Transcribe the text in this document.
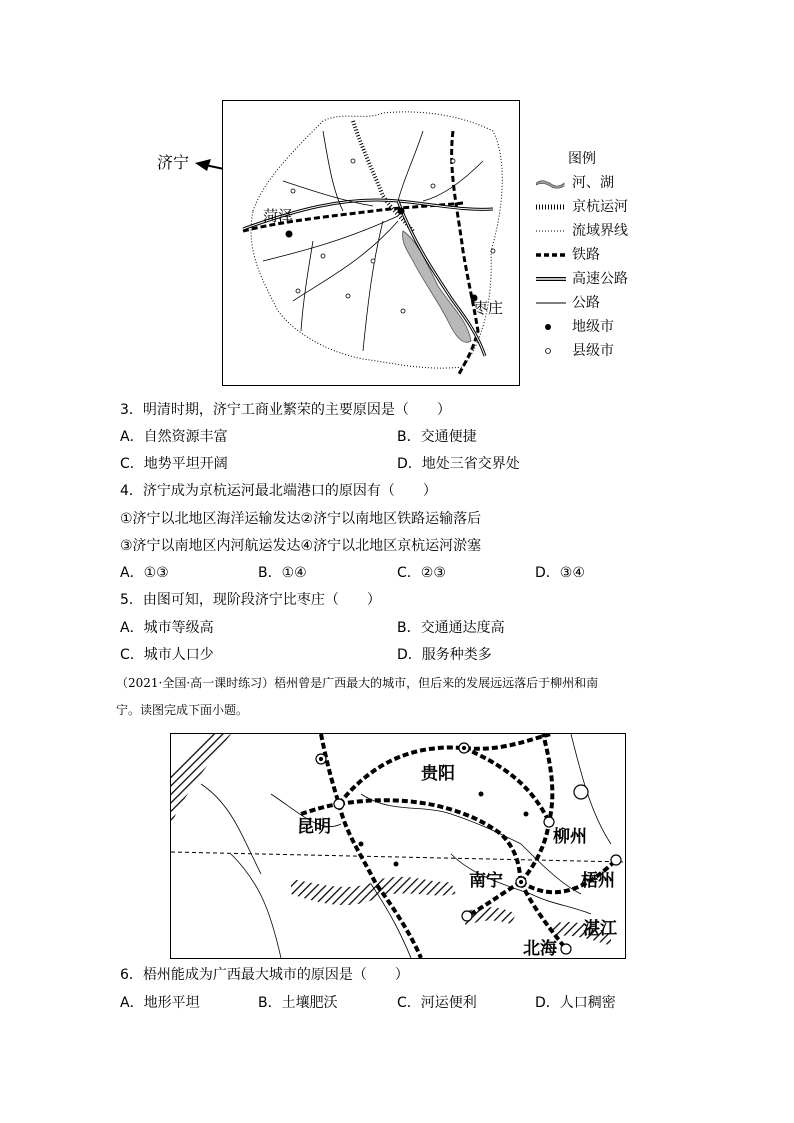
济宁
菏泽
枣庄
图例
河、湖
京杭运河
流域界线
铁路
高速公路
公路
地级市
县级市
3．明清时期，济宁工商业繁荣的主要原因是（　　）
A．自然资源丰富	B．交通便捷
C．地势平坦开阔	D．地处三省交界处
4．济宁成为京杭运河最北端港口的原因有（　　）
①济宁以北地区海洋运输发达②济宁以南地区铁路运输落后
③济宁以南地区内河航运发达④济宁以北地区京杭运河淤塞
A．①③	B．①④	C．②③	D．③④
5．由图可知，现阶段济宁比枣庄（　　）
A．城市等级高	B．交通通达度高
C．城市人口少	D．服务种类多
（2021·全国·高一课时练习）梧州曾是广西最大的城市，但后来的发展远远落后于柳州和南
宁。读图完成下面小题。
贵阳
昆明	柳州
南宁	梧州
湛江
北海
6．梧州能成为广西最大城市的原因是（　　）
A．地形平坦	B．土壤肥沃	C．河运便利	D．人口稠密
